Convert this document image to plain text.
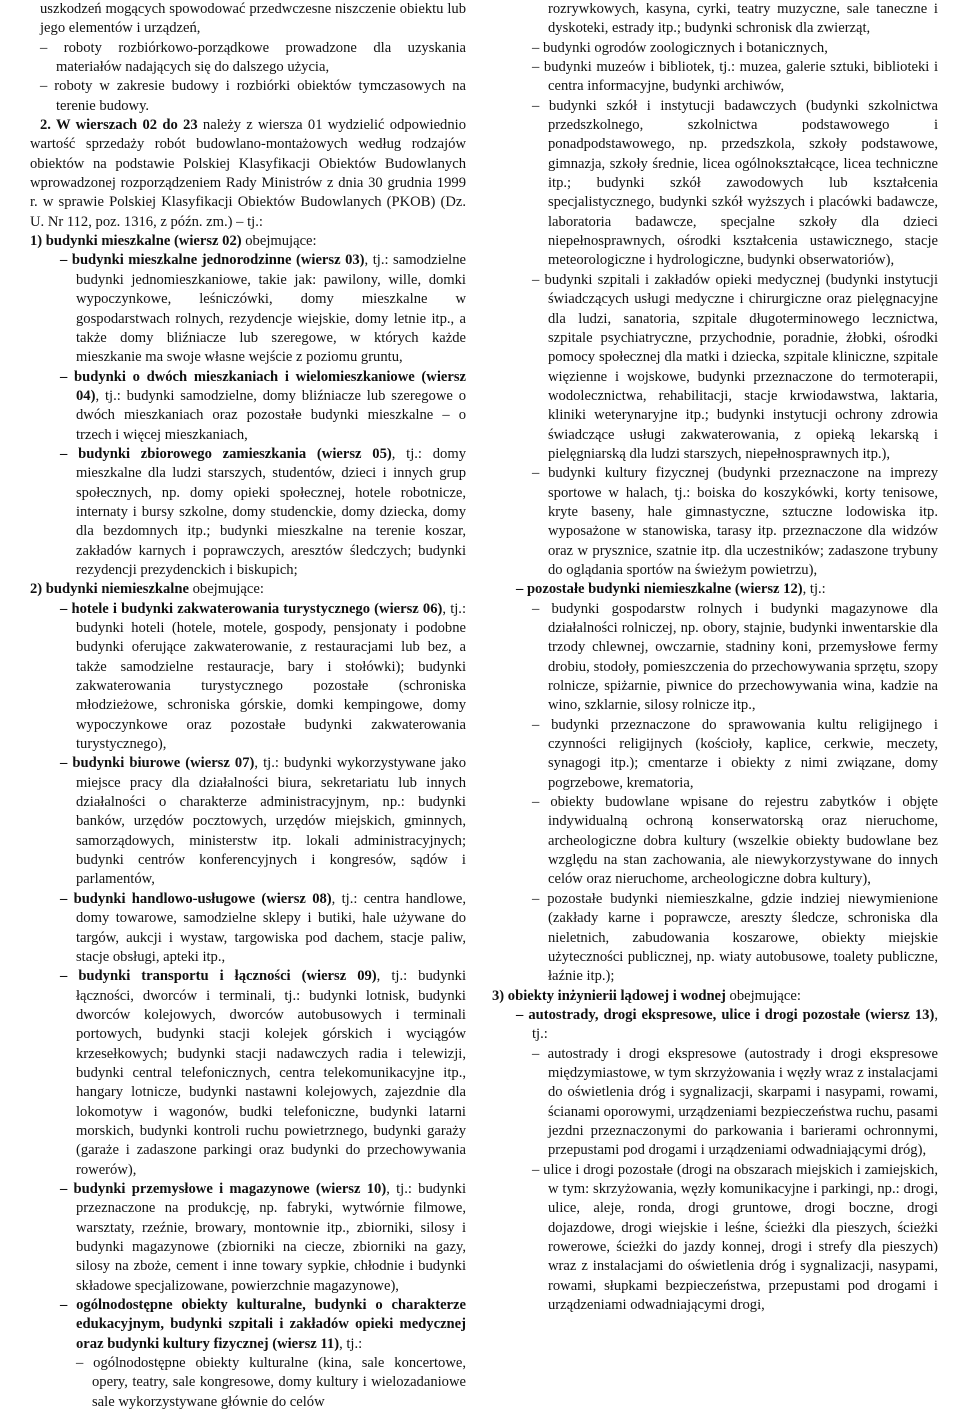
uszkodzeń mogących spowodować przedwczesne niszczenie obiektu lub jego elementów i urządzeń,

– roboty rozbiórkowo-porządkowe prowadzone dla uzyskania materiałów nadających się do dalszego użycia,

– roboty w zakresie budowy i rozbiórki obiektów tymczasowych na terenie budowy.

2. W wierszach 02 do 23 należy z wiersza 01 wydzielić odpowiednio wartość sprzedaży robót budowlano-montażowych według rodzajów obiektów na podstawie Polskiej Klasyfikacji Obiektów Budowlanych wprowadzonej rozporządzeniem Rady Ministrów z dnia 30 grudnia 1999 r. w sprawie Polskiej Klasyfikacji Obiektów Budowlanych (PKOB) (Dz. U. Nr 112, poz. 1316, z późn. zm.) – tj.:

1) budynki mieszkalne (wiersz 02) obejmujące:

– budynki mieszkalne jednorodzinne (wiersz 03), tj.: samodzielne budynki jednomieszkaniowe, takie jak: pawilony, wille, domki wypoczynkowe, leśniczówki, domy mieszkalne w gospodarstwach rolnych, rezydencje wiejskie, domy letnie itp., a także domy bliźniacze lub szeregowe, w których każde mieszkanie ma swoje własne wejście z poziomu gruntu,

– budynki o dwóch mieszkaniach i wielomieszkaniowe (wiersz 04), tj.: budynki samodzielne, domy bliźniacze lub szeregowe o dwóch mieszkaniach oraz pozostałe budynki mieszkalne – o trzech i więcej mieszkaniach,

– budynki zbiorowego zamieszkania (wiersz 05), tj.: domy mieszkalne dla ludzi starszych, studentów, dzieci i innych grup społecznych, np. domy opieki społecznej, hotele robotnicze, internaty i bursy szkolne, domy studenckie, domy dziecka, domy dla bezdomnych itp.; budynki mieszkalne na terenie koszar, zakładów karnych i poprawczych, aresztów śledczych; budynki rezydencji prezydenckich i biskupich;

2) budynki niemieszkalne obejmujące:

– hotele i budynki zakwaterowania turystycznego (wiersz 06), tj.: budynki hoteli (hotele, motele, gospody, pensjonaty i podobne budynki oferujące zakwaterowanie, z restauracjami lub bez, a także samodzielne restauracje, bary i stołówki); budynki zakwaterowania turystycznego pozostałe (schroniska młodzieżowe, schroniska górskie, domki kempingowe, domy wypoczynkowe oraz pozostałe budynki zakwaterowania turystycznego),

– budynki biurowe (wiersz 07), tj.: budynki wykorzystywane jako miejsce pracy dla działalności biura, sekretariatu lub innych działalności o charakterze administracyjnym, np.: budynki banków, urzędów pocztowych, urzędów miejskich, gminnych, samorządowych, ministerstw itp. lokali administracyjnych; budynki centrów konferencyjnych i kongresów, sądów i parlamentów,

– budynki handlowo-usługowe (wiersz 08), tj.: centra handlowe, domy towarowe, samodzielne sklepy i butiki, hale używane do targów, aukcji i wystaw, targowiska pod dachem, stacje paliw, stacje obsługi, apteki itp.,

– budynki transportu i łączności (wiersz 09), tj.: budynki łączności, dworców i terminali, tj.: budynki lotnisk, budynki dworców kolejowych, dworców autobusowych i terminali portowych, budynki stacji kolejek górskich i wyciągów krzesełkowych; budynki stacji nadawczych radia i telewizji, budynki central telefonicznych, centra telekomunikacyjne itp., hangary lotnicze, budynki nastawni kolejowych, zajezdnie dla lokomotyw i wagonów, budki telefoniczne, budynki latarni morskich, budynki kontroli ruchu powietrznego, budynki garaży (garaże i zadaszone parkingi oraz budynki do przechowywania rowerów),

– budynki przemysłowe i magazynowe (wiersz 10), tj.: budynki przeznaczone na produkcję, np. fabryki, wytwórnie filmowe, warsztaty, rzeźnie, browary, montownie itp., zbiorniki, silosy i budynki magazynowe (zbiorniki na ciecze, zbiorniki na gazy, silosy na zboże, cement i inne towary sypkie, chłodnie i budynki składowe specjalizowane, powierzchnie magazynowe),

– ogólnodostępne obiekty kulturalne, budynki o charakterze edukacyjnym, budynki szpitali i zakładów opieki medycznej oraz budynki kultury fizycznej (wiersz 11), tj.:

– ogólnodostępne obiekty kulturalne (kina, sale koncertowe, opery, teatry, sale kongresowe, domy kultury i wielozadaniowe sale wykorzystywane głównie do celów

rozrywkowych, kasyna, cyrki, teatry muzyczne, sale taneczne i dyskoteki, estrady itp.; budynki schronisk dla zwierząt,

– budynki ogrodów zoologicznych i botanicznych,

– budynki muzeów i bibliotek, tj.: muzea, galerie sztuki, biblioteki i centra informacyjne, budynki archiwów,

– budynki szkół i instytucji badawczych (budynki szkolnictwa przedszkolnego, szkolnictwa podstawowego i ponadpodstawowego, np. przedszkola, szkoły podstawowe, gimnazja, szkoły średnie, licea ogólnokształcące, licea techniczne itp.; budynki szkół zawodowych lub kształcenia specjalistycznego, budynki szkół wyższych i placówki badawcze, laboratoria badawcze, specjalne szkoły dla dzieci niepełnosprawnych, ośrodki kształcenia ustawicznego, stacje meteorologiczne i hydrologiczne, budynki obserwatoriów),

– budynki szpitali i zakładów opieki medycznej (budynki instytucji świadczących usługi medyczne i chirurgiczne oraz pielęgnacyjne dla ludzi, sanatoria, szpitale długoterminowego lecznictwa, szpitale psychiatryczne, przychodnie, poradnie, żłobki, ośrodki pomocy społecznej dla matki i dziecka, szpitale kliniczne, szpitale więzienne i wojskowe, budynki przeznaczone do termoterapii, wodolecznictwa, rehabilitacji, stacje krwiodawstwa, laktaria, kliniki weterynaryjne itp.; budynki instytucji ochrony zdrowia świadczące usługi zakwaterowania, z opieką lekarską i pielęgniarską dla ludzi starszych, niepełnosprawnych itp.),

– budynki kultury fizycznej (budynki przeznaczone na imprezy sportowe w halach, tj.: boiska do koszykówki, korty tenisowe, kryte baseny, hale gimnastyczne, sztuczne lodowiska itp. wyposażone w stanowiska, tarasy itp. przeznaczone dla widzów oraz w prysznice, szatnie itp. dla uczestników; zadaszone trybuny do oglądania sportów na świeżym powietrzu),

– pozostałe budynki niemieszkalne (wiersz 12), tj.:

– budynki gospodarstw rolnych i budynki magazynowe dla działalności rolniczej, np. obory, stajnie, budynki inwentarskie dla trzody chlewnej, owczarnie, stadniny koni, przemysłowe fermy drobiu, stodoły, pomieszczenia do przechowywania sprzętu, szopy rolnicze, spiżarnie, piwnice do przechowywania wina, kadzie na wino, szklarnie, silosy rolnicze itp.,

– budynki przeznaczone do sprawowania kultu religijnego i czynności religijnych (kościoły, kaplice, cerkwie, meczety, synagogi itp.); cmentarze i obiekty z nimi związane, domy pogrzebowe, krematoria,

– obiekty budowlane wpisane do rejestru zabytków i objęte indywidualną ochroną konserwatorską oraz nieruchome, archeologiczne dobra kultury (wszelkie obiekty budowlane bez względu na stan zachowania, ale niewykorzystywane do innych celów oraz nieruchome, archeologiczne dobra kultury),

– pozostałe budynki niemieszkalne, gdzie indziej niewymienione (zakłady karne i poprawcze, areszty śledcze, schroniska dla nieletnich, zabudowania koszarowe, obiekty miejskie użyteczności publicznej, np. wiaty autobusowe, toalety publiczne, łaźnie itp.);

3) obiekty inżynierii lądowej i wodnej obejmujące:

– autostrady, drogi ekspresowe, ulice i drogi pozostałe (wiersz 13), tj.:

– autostrady i drogi ekspresowe (autostrady i drogi ekspresowe międzymiastowe, w tym skrzyżowania i węzły wraz z instalacjami do oświetlenia dróg i sygnalizacji, skarpami i nasypami, rowami, ścianami oporowymi, urządzeniami bezpieczeństwa ruchu, pasami jezdni przeznaczonymi do parkowania i barierami ochronnymi, przepustami pod drogami i urządzeniami odwadniającymi dróg),

– ulice i drogi pozostałe (drogi na obszarach miejskich i zamiejskich, w tym: skrzyżowania, węzły komunikacyjne i parkingi, np.: drogi, ulice, aleje, ronda, drogi gruntowe, drogi boczne, drogi dojazdowe, drogi wiejskie i leśne, ścieżki dla pieszych, ścieżki rowerowe, ścieżki do jazdy konnej, drogi i strefy dla pieszych) wraz z instalacjami do oświetlenia dróg i sygnalizacji, nasypami, rowami, słupkami bezpieczeństwa, przepustami pod drogami i urządzeniami odwadniającymi drogi,
